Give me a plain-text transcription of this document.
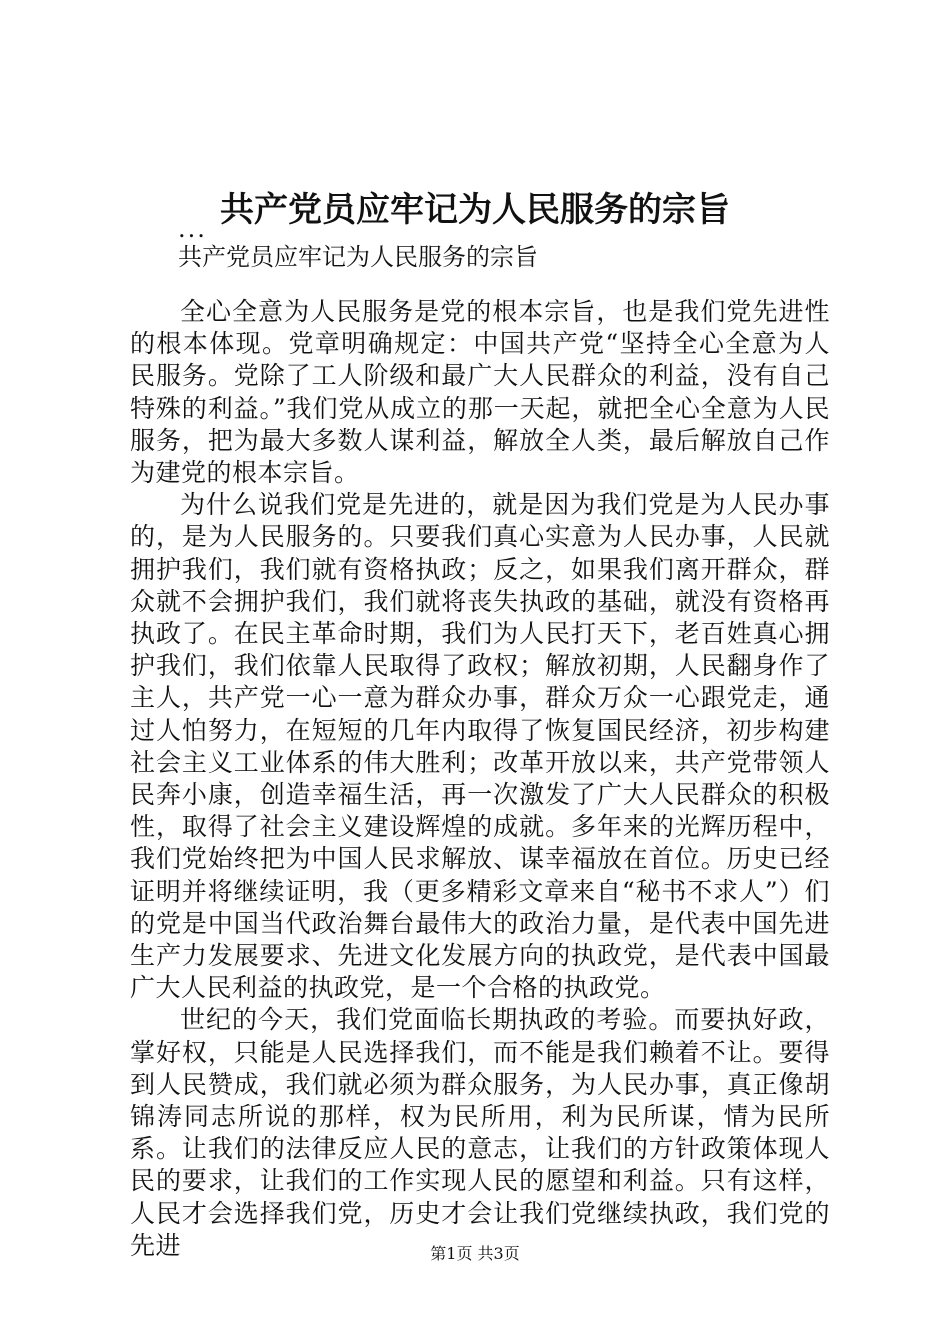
共产党员应牢记为人民服务的宗旨
...
共产党员应牢记为人民服务的宗旨

全心全意为人民服务是党的根本宗旨，也是我们党先进性的根本体现。党章明确规定：中国共产党“坚持全心全意为人民服务。党除了工人阶级和最广大人民群众的利益，没有自己特殊的利益。”我们党从成立的那一天起，就把全心全意为人民服务，把为最大多数人谋利益，解放全人类，最后解放自己作为建党的根本宗旨。

为什么说我们党是先进的，就是因为我们党是为人民办事的，是为人民服务的。只要我们真心实意为人民办事，人民就拥护我们，我们就有资格执政；反之，如果我们离开群众，群众就不会拥护我们，我们就将丧失执政的基础，就没有资格再执政了。在民主革命时期，我们为人民打天下，老百姓真心拥护我们，我们依靠人民取得了政权；解放初期，人民翻身作了主人，共产党一心一意为群众办事，群众万众一心跟党走，通过人怕努力，在短短的几年内取得了恢复国民经济，初步构建社会主义工业体系的伟大胜利；改革开放以来，共产党带领人民奔小康，创造幸福生活，再一次激发了广大人民群众的积极性，取得了社会主义建设辉煌的成就。多年来的光辉历程中，我们党始终把为中国人民求解放、谋幸福放在首位。历史已经证明并将继续证明，我（更多精彩文章来自“秘书不求人”）们的党是中国当代政治舞台最伟大的政治力量，是代表中国先进生产力发展要求、先进文化发展方向的执政党，是代表中国最广大人民利益的执政党，是一个合格的执政党。

世纪的今天，我们党面临长期执政的考验。而要执好政，掌好权，只能是人民选择我们，而不能是我们赖着不让。要得到人民赞成，我们就必须为群众服务，为人民办事，真正像胡锦涛同志所说的那样，权为民所用，利为民所谋，情为民所系。让我们的法律反应人民的意志，让我们的方针政策体现人民的要求，让我们的工作实现人民的愿望和利益。只有这样，人民才会选择我们党，历史才会让我们党继续执政，我们党的先进	第1页 共3页
